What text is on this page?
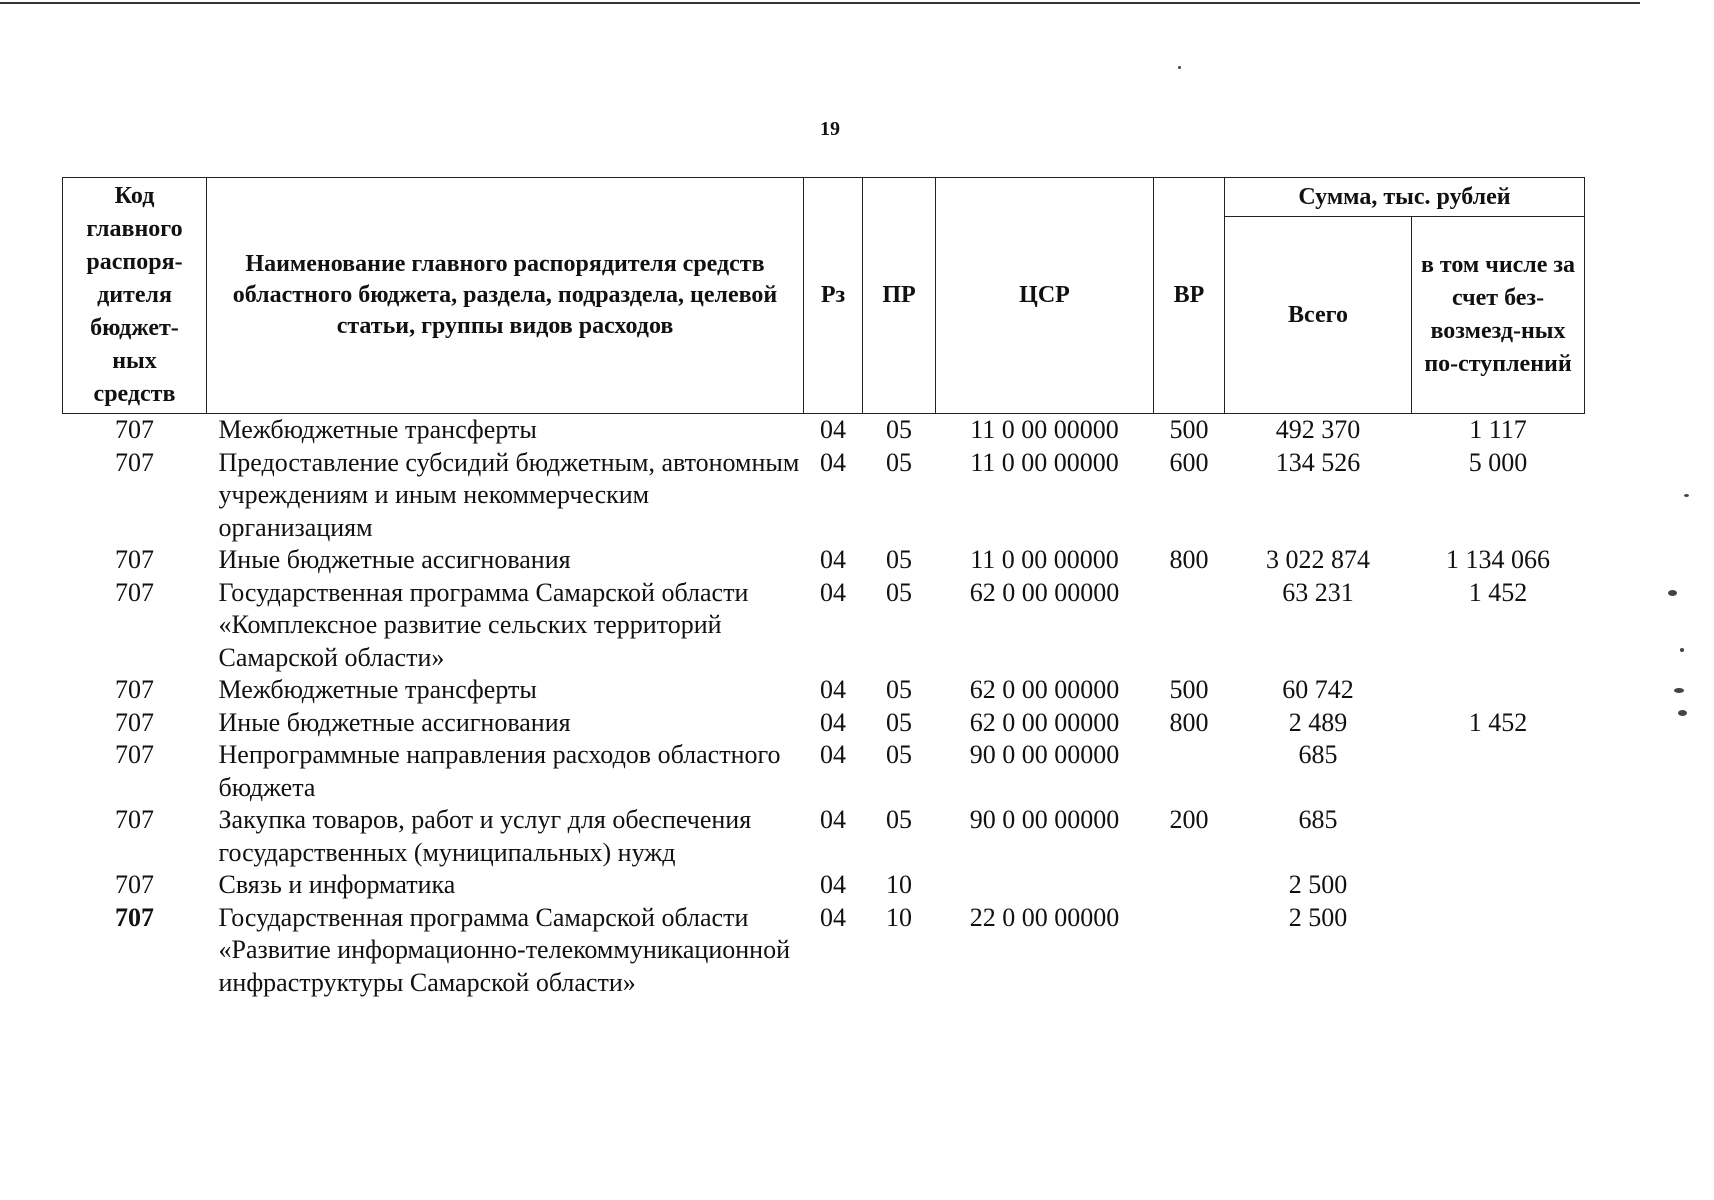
19
Код главного распоря-дителя бюджет-ных средств	Наименование главного распорядителя средств областного бюджета, раздела, подраздела, целевой статьи, группы видов расходов	Рз	ПР	ЦСР	ВР	Сумма, тыс. рублей	
						Всего	в том числе за счет без-возмезд-ных по-ступлений
707	Межбюджетные трансферты	04	05	11 0 00 00000	500	492 370	1 117
707	Предоставление субсидий бюджетным, автономным учреждениям и иным некоммерческим организациям	04	05	11 0 00 00000	600	134 526	5 000
707	Иные бюджетные ассигнования	04	05	11 0 00 00000	800	3 022 874	1 134 066
707	Государственная программа Самарской области «Комплексное развитие сельских территорий Самарской области»	04	05	62 0 00 00000		63 231	1 452
707	Межбюджетные трансферты	04	05	62 0 00 00000	500	60 742	
707	Иные бюджетные ассигнования	04	05	62 0 00 00000	800	2 489	1 452
707	Непрограммные направления расходов областного бюджета	04	05	90 0 00 00000		685	
707	Закупка товаров, работ и услуг для обеспечения государственных (муниципальных) нужд	04	05	90 0 00 00000	200	685	
707	Связь и информатика	04	10			2 500	
707	Государственная программа Самарской области «Развитие информационно-телекоммуникационной инфраструктуры Самарской области»	04	10	22 0 00 00000		2 500	
